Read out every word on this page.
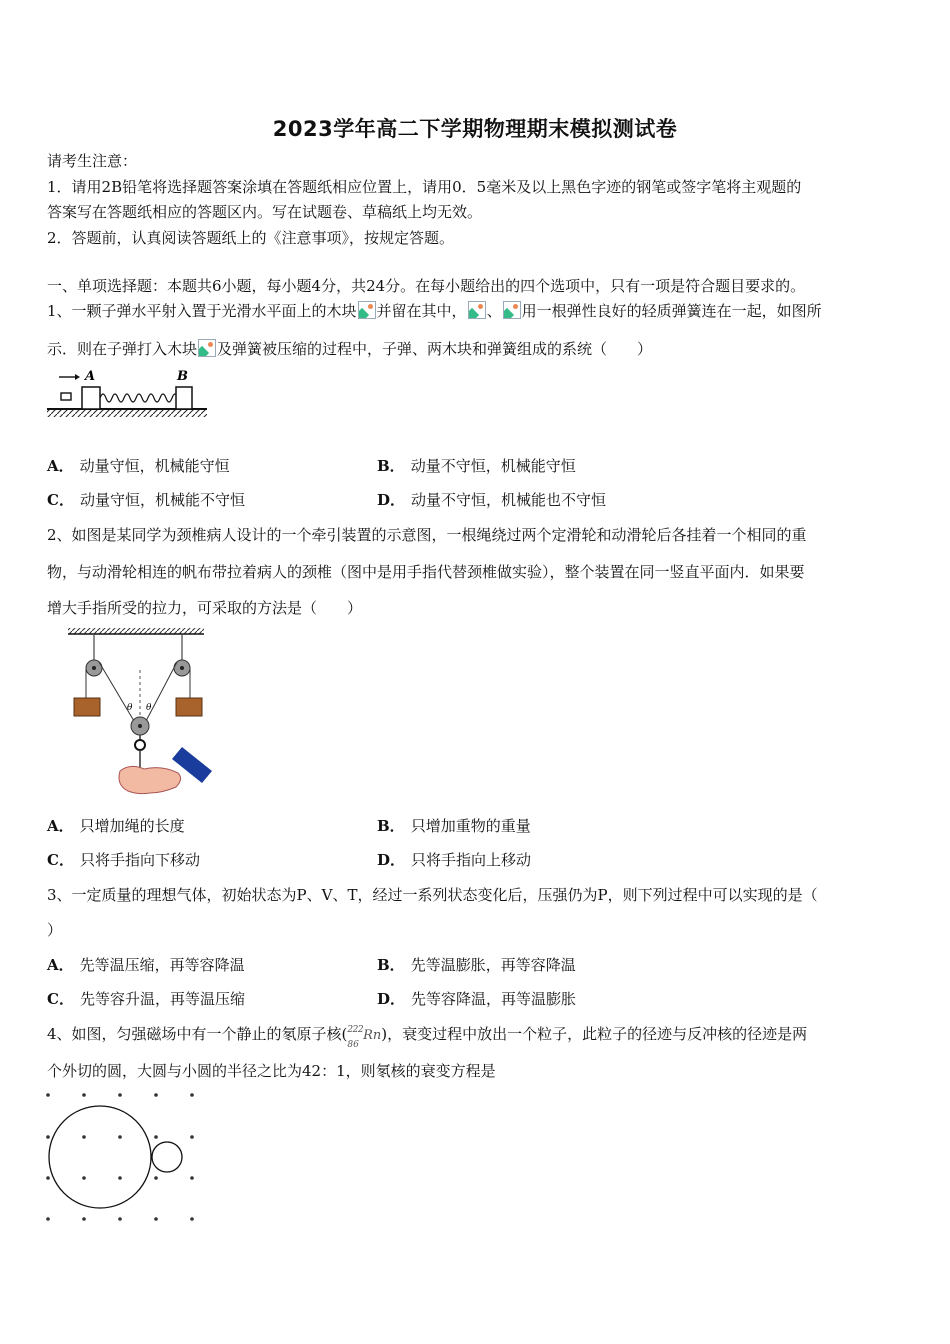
2023学年高二下学期物理期末模拟测试卷
请考生注意：
1．请用2B铅笔将选择题答案涂填在答题纸相应位置上，请用0．5毫米及以上黑色字迹的钢笔或签字笔将主观题的
答案写在答题纸相应的答题区内。写在试题卷、草稿纸上均无效。
2．答题前，认真阅读答题纸上的《注意事项》，按规定答题。
一、单项选择题：本题共6小题，每小题4分，共24分。在每小题给出的四个选项中，只有一项是符合题目要求的。
1、一颗子弹水平射入置于光滑水平面上的木块 并留在其中， 、 用一根弹性良好的轻质弹簧连在一起，如图所
示．则在子弹打入木块 及弹簧被压缩的过程中，子弹、两木块和弹簧组成的系统（　　）
A	B
A． 动量守恒，机械能守恒	B． 动量不守恒，机械能守恒
C． 动量守恒，机械能不守恒	D． 动量不守恒，机械能也不守恒
2、如图是某同学为颈椎病人设计的一个牵引装置的示意图，一根绳绕过两个定滑轮和动滑轮后各挂着一个相同的重
物，与动滑轮相连的帆布带拉着病人的颈椎（图中是用手指代替颈椎做实验），整个装置在同一竖直平面内．如果要
增大手指所受的拉力，可采取的方法是（　　）
θ θ
A． 只增加绳的长度	B． 只增加重物的重量
C． 只将手指向下移动	D． 只将手指向上移动
3、一定质量的理想气体，初始状态为P、V、T，经过一系列状态变化后，压强仍为P，则下列过程中可以实现的是（
）
A． 先等温压缩，再等容降温	B． 先等温膨胀，再等容降温
C． 先等容升温，再等温压缩	D． 先等容降温，再等温膨胀
4、如图，匀强磁场中有一个静止的氡原子核($^{222}$
86
Rn)，衰变过程中放出一个粒子，此粒子的径迹与反冲核的径迹是两
个外切的圆，大圆与小圆的半径之比为42：1，则氡核的衰变方程是
